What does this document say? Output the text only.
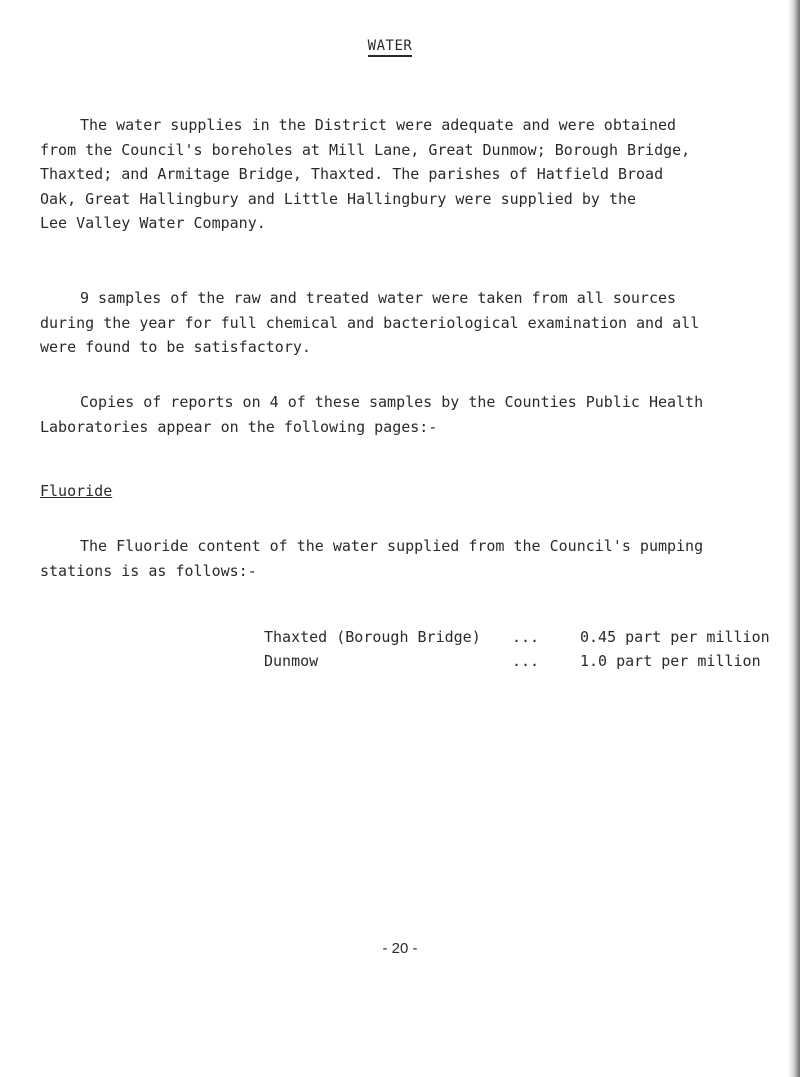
WATER

The water supplies in the District were adequate and were obtained
from the Council's boreholes at Mill Lane, Great Dunmow; Borough Bridge,
Thaxted; and Armitage Bridge, Thaxted. The parishes of Hatfield Broad
Oak, Great Hallingbury and Little Hallingbury were supplied by the
Lee Valley Water Company.

9 samples of the raw and treated water were taken from all sources
during the year for full chemical and bacteriological examination and all
were found to be satisfactory.

Copies of reports on 4 of these samples by the Counties Public Health
Laboratories appear on the following pages:-

Fluoride

The Fluoride content of the water supplied from the Council's pumping
stations is as follows:-

Thaxted (Borough Bridge) ...	0.45 part per million
Dunmow	...	1.0 part per million
- 20 -
